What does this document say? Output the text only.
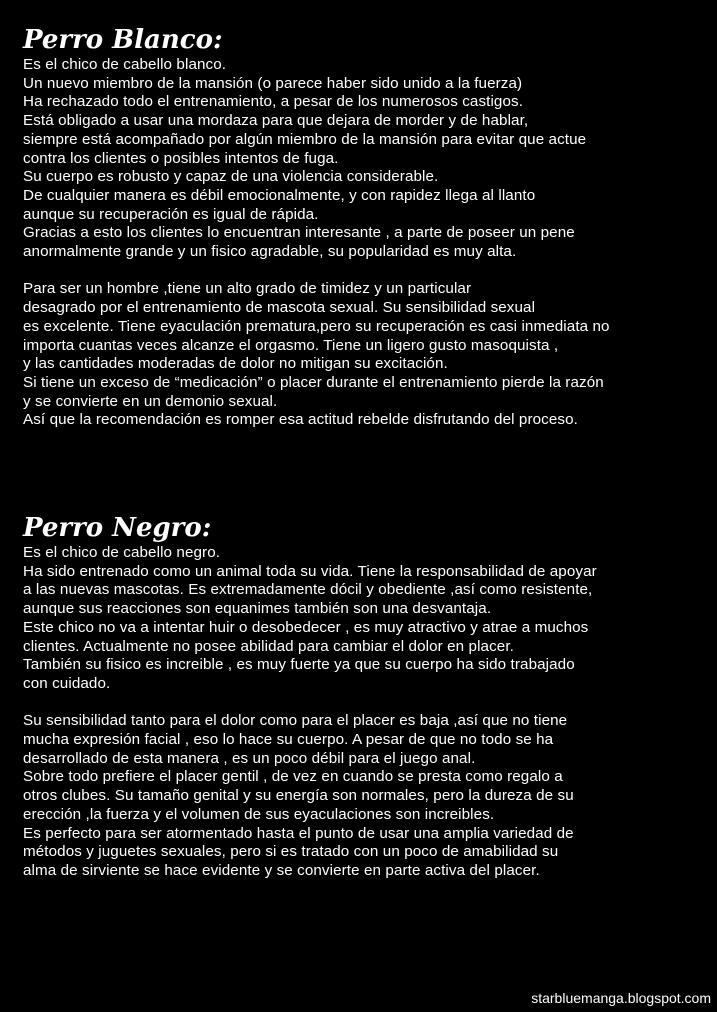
Perro Blanco:
Es el chico de cabello blanco.
Un nuevo miembro de la mansión (o parece haber sido unido a la fuerza)
Ha rechazado todo el entrenamiento, a pesar de los numerosos castigos.
Está obligado a usar una mordaza para que dejara de morder y de hablar,
siempre está acompañado por algún miembro de la mansión para evitar que actue
contra los clientes o posibles intentos de fuga.
Su cuerpo es robusto y capaz de una violencia considerable.
De cualquier manera es débil emocionalmente, y con rapidez llega al llanto
aunque su recuperación es igual de rápida.
Gracias a esto los clientes lo encuentran interesante , a parte de poseer un pene
anormalmente grande y un fisico agradable, su popularidad es muy alta.
Para ser un hombre ,tiene un alto grado de timidez y un particular
desagrado por el entrenamiento de mascota sexual. Su sensibilidad sexual
es excelente. Tiene eyaculación prematura,pero su recuperación es casi inmediata no
importa cuantas veces alcanze el orgasmo. Tiene un ligero gusto masoquista ,
y las cantidades moderadas de dolor no mitigan su excitación.
Si tiene un exceso de “medicación” o placer durante el entrenamiento pierde la razón
y se convierte en un demonio sexual.
Así que la recomendación es romper esa actitud rebelde disfrutando del proceso.
Perro Negro:
Es el chico de cabello negro.
Ha sido entrenado como un animal toda su vida. Tiene la responsabilidad de apoyar
a las nuevas mascotas. Es extremadamente dócil y obediente ,así como resistente,
aunque sus reacciones son equanimes también son una desvantaja.
Este chico no va a intentar huir o desobedecer , es muy atractivo y atrae a muchos
clientes. Actualmente no posee abilidad para cambiar el dolor en placer.
También su fisico es increible , es muy fuerte ya que su cuerpo ha sido trabajado
con cuidado.
Su sensibilidad tanto para el dolor como para el placer es baja ,así que no tiene
mucha expresión facial , eso lo hace su cuerpo. A pesar de que no todo se ha
desarrollado de esta manera , es un poco débil para el juego anal.
Sobre todo prefiere el placer gentil , de vez en cuando se presta como regalo a
otros clubes. Su tamaño genital y su energía son normales, pero la dureza de su
erección ,la fuerza y el volumen de sus eyaculaciones son increibles.
Es perfecto para ser atormentado hasta el punto de usar una amplia variedad de
métodos y juguetes sexuales, pero si es tratado con un poco de amabilidad su
alma de sirviente se hace evidente y se convierte en parte activa del placer.
starbluemanga.blogspot.com
